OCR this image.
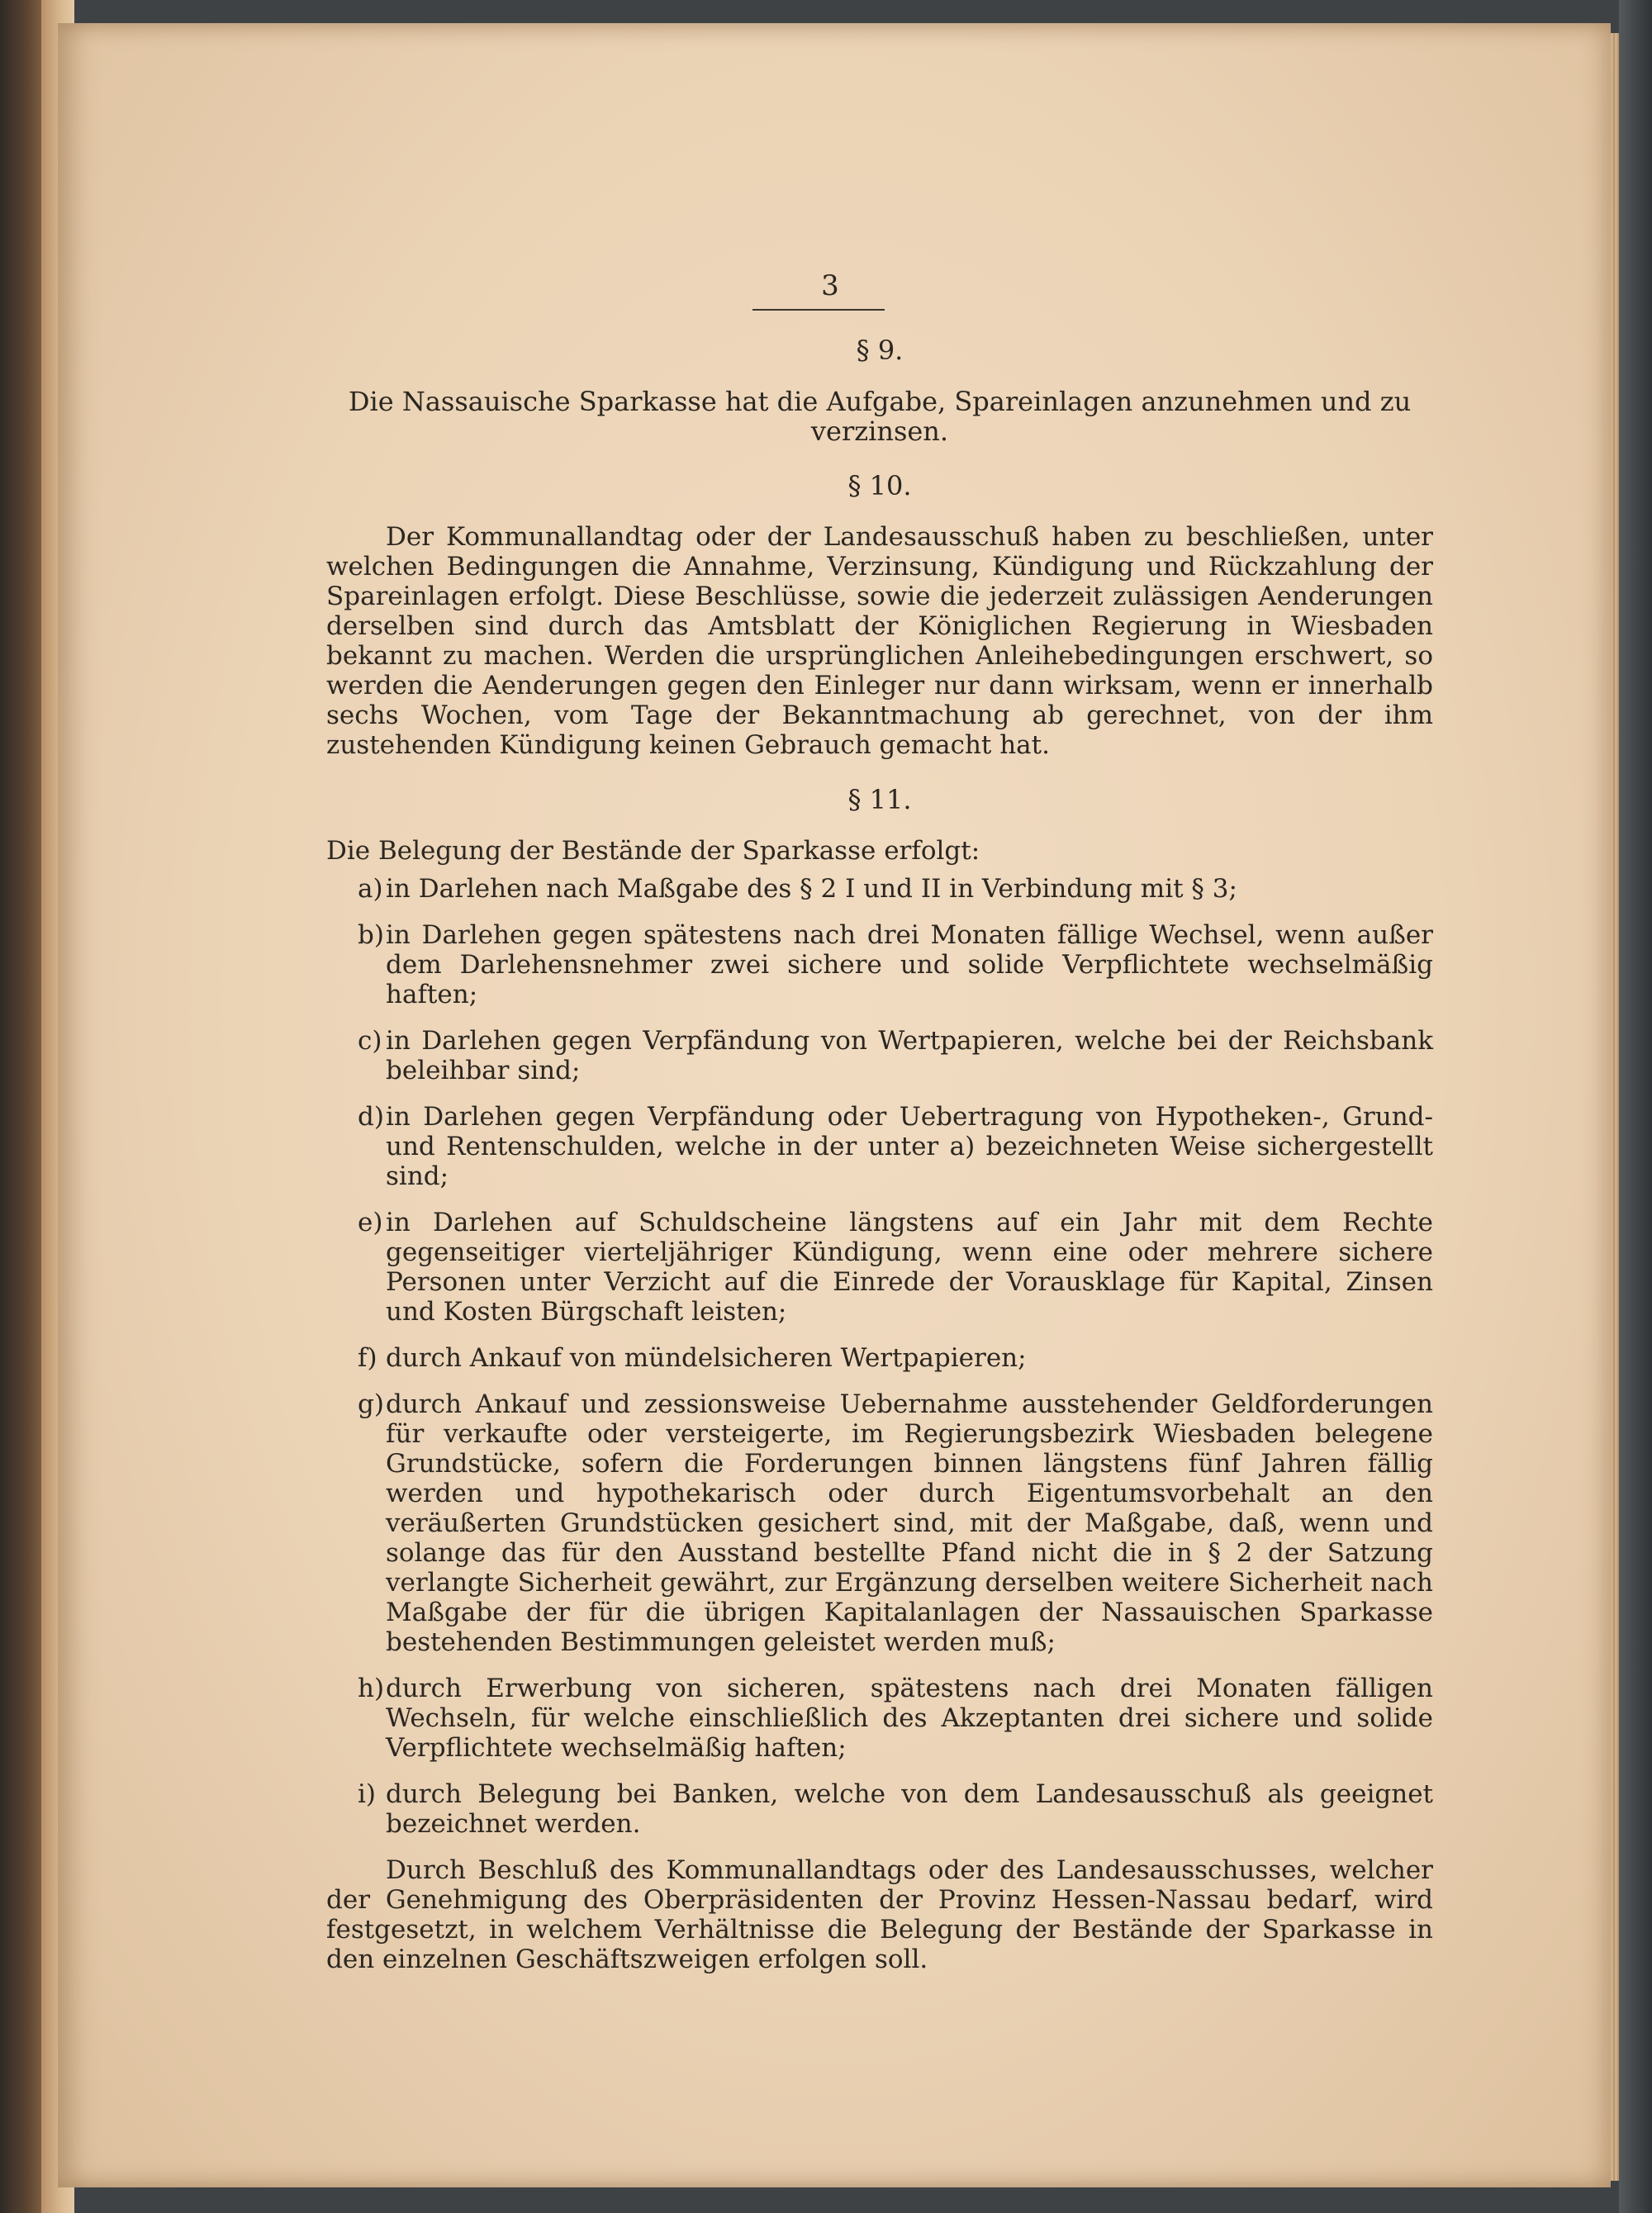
3
§ 9.

Die Nassauische Sparkasse hat die Aufgabe, Spareinlagen anzunehmen und zu verzinsen.

§ 10.

Der Kommunallandtag oder der Landesausschuß haben zu beschließen, unter welchen Bedingungen die Annahme, Verzinsung, Kündigung und Rückzahlung der Spareinlagen erfolgt. Diese Beschlüsse, sowie die jederzeit zulässigen Aenderungen derselben sind durch das Amtsblatt der Königlichen Regierung in Wiesbaden bekannt zu machen. Werden die ursprünglichen Anleihebedingungen erschwert, so werden die Aenderungen gegen den Einleger nur dann wirksam, wenn er innerhalb sechs Wochen, vom Tage der Bekanntmachung ab gerechnet, von der ihm zustehenden Kündigung keinen Gebrauch gemacht hat.

§ 11.

Die Belegung der Bestände der Sparkasse erfolgt:

a) in Darlehen nach Maßgabe des § 2 I und II in Verbindung mit § 3;
b) in Darlehen gegen spätestens nach drei Monaten fällige Wechsel, wenn außer dem Darlehensnehmer zwei sichere und solide Verpflichtete wechselmäßig haften;
c) in Darlehen gegen Verpfändung von Wertpapieren, welche bei der Reichsbank beleihbar sind;
d) in Darlehen gegen Verpfändung oder Uebertragung von Hypotheken-, Grund- und Rentenschulden, welche in der unter a) bezeichneten Weise sichergestellt sind;
e) in Darlehen auf Schuldscheine längstens auf ein Jahr mit dem Rechte gegenseitiger vierteljähriger Kündigung, wenn eine oder mehrere sichere Personen unter Verzicht auf die Einrede der Vorausklage für Kapital, Zinsen und Kosten Bürgschaft leisten;
f) durch Ankauf von mündelsicheren Wertpapieren;
g) durch Ankauf und zessionsweise Uebernahme ausstehender Geldforderungen für verkaufte oder versteigerte, im Regierungsbezirk Wiesbaden belegene Grundstücke, sofern die Forderungen binnen längstens fünf Jahren fällig werden und hypothekarisch oder durch Eigentumsvorbehalt an den veräußerten Grundstücken gesichert sind, mit der Maßgabe, daß, wenn und solange das für den Ausstand bestellte Pfand nicht die in § 2 der Satzung verlangte Sicherheit gewährt, zur Ergänzung derselben weitere Sicherheit nach Maßgabe der für die übrigen Kapitalanlagen der Nassauischen Sparkasse bestehenden Bestimmungen geleistet werden muß;
h) durch Erwerbung von sicheren, spätestens nach drei Monaten fälligen Wechseln, für welche einschließlich des Akzeptanten drei sichere und solide Verpflichtete wechselmäßig haften;
i) durch Belegung bei Banken, welche von dem Landesausschuß als geeignet bezeichnet werden.

Durch Beschluß des Kommunallandtags oder des Landesausschusses, welcher der Genehmigung des Oberpräsidenten der Provinz Hessen-Nassau bedarf, wird festgesetzt, in welchem Verhältnisse die Belegung der Bestände der Sparkasse in den einzelnen Geschäftszweigen erfolgen soll.
